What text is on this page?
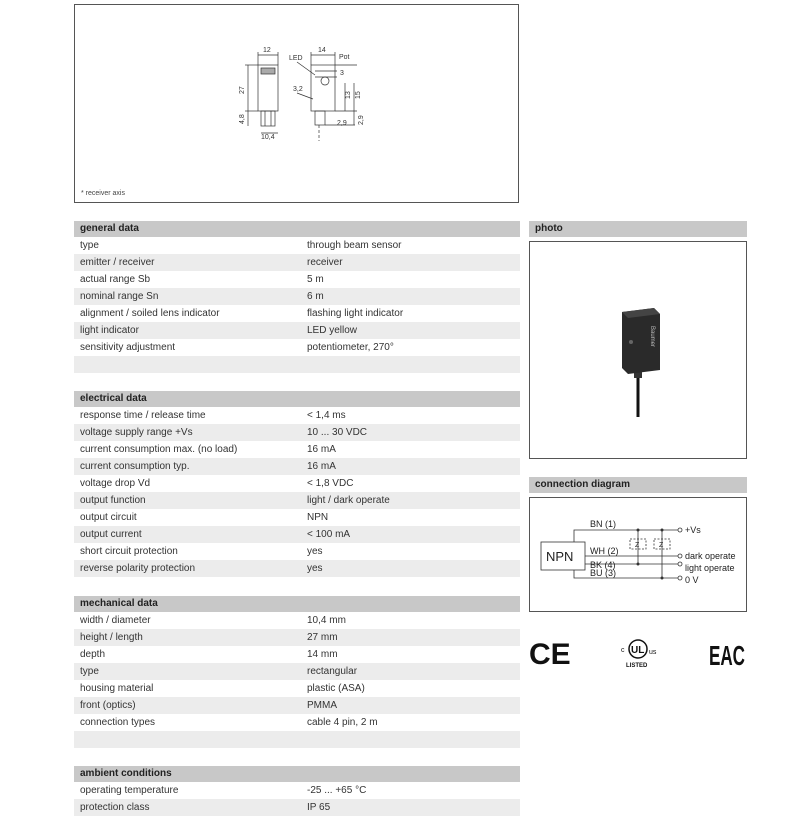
12	14
Pot
LED
3
27	3,2
13 15
4,8
10,4
2,9 2,9
* receiver axis
general data
type	through beam sensor
emitter / receiver	receiver
actual range Sb	5 m
nominal range Sn	6 m
alignment / soiled lens indicator	flashing light indicator
light indicator	LED yellow
sensitivity adjustment	potentiometer, 270°
electrical data
response time / release time	< 1,4 ms
voltage supply range +Vs	10 ... 30 VDC
current consumption max. (no load)	16 mA
current consumption typ.	16 mA
voltage drop Vd	< 1,8 VDC
output function	light / dark operate
output circuit	NPN
output current	< 100 mA
short circuit protection	yes
reverse polarity protection	yes
mechanical data
width / diameter	10,4 mm
height / length	27 mm
depth	14 mm
type	rectangular
housing material	plastic (ASA)
front (optics)	PMMA
connection types	cable 4 pin, 2 m
ambient conditions
operating temperature	-25 ... +65 °C
protection class	IP 65
photo
Baumer
connection diagram
NPN
BN (1)
WH (2)
BK (4)
BU (3)
Z	Z
+Vs
dark operate
light operate
0 V
CE	UL
c	us
LISTED EAC
